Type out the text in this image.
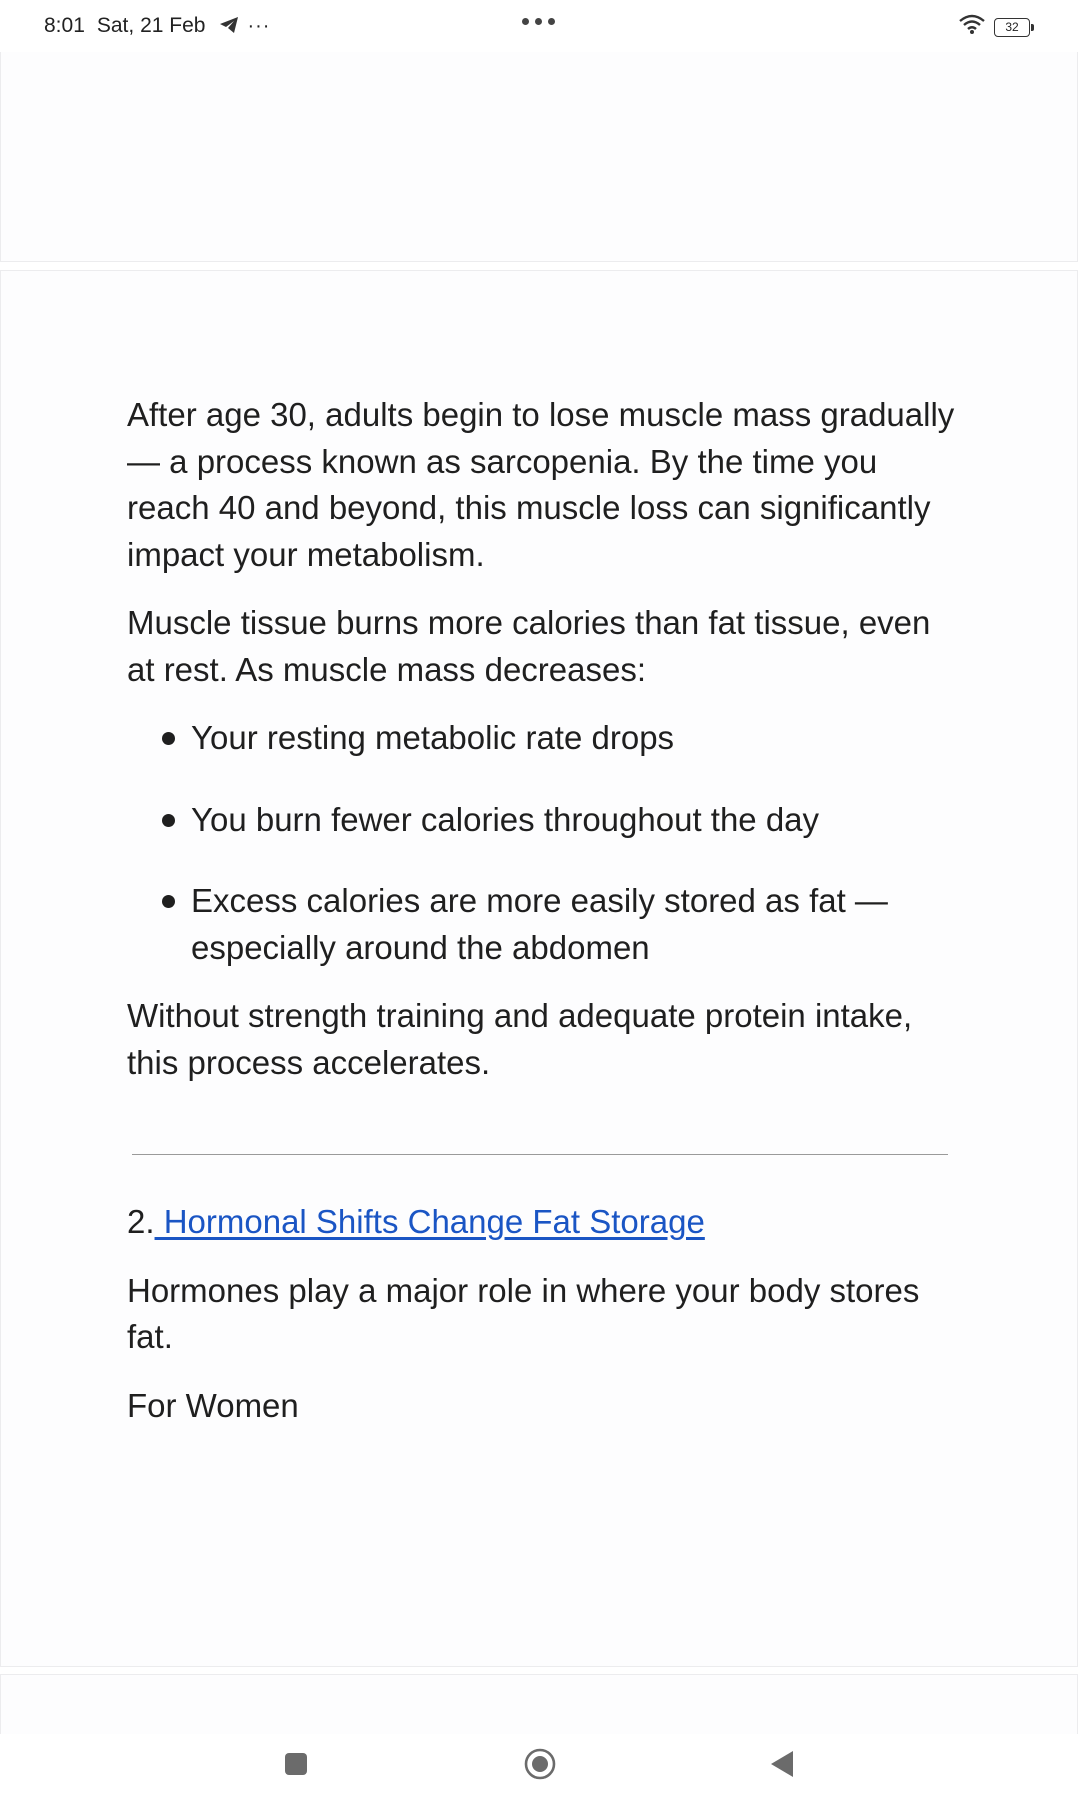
8:01 Sat, 21 Feb ···	32

After age 30, adults begin to lose muscle mass gradually — a process known as sarcopenia. By the time you reach 40 and beyond, this muscle loss can significantly impact your metabolism.

Muscle tissue burns more calories than fat tissue, even at rest. As muscle mass decreases:

Your resting metabolic rate drops
You burn fewer calories throughout the day
Excess calories are more easily stored as fat — especially around the abdomen

Without strength training and adequate protein intake, this process accelerates.

2. Hormonal Shifts Change Fat Storage

Hormones play a major role in where your body stores fat.

For Women
